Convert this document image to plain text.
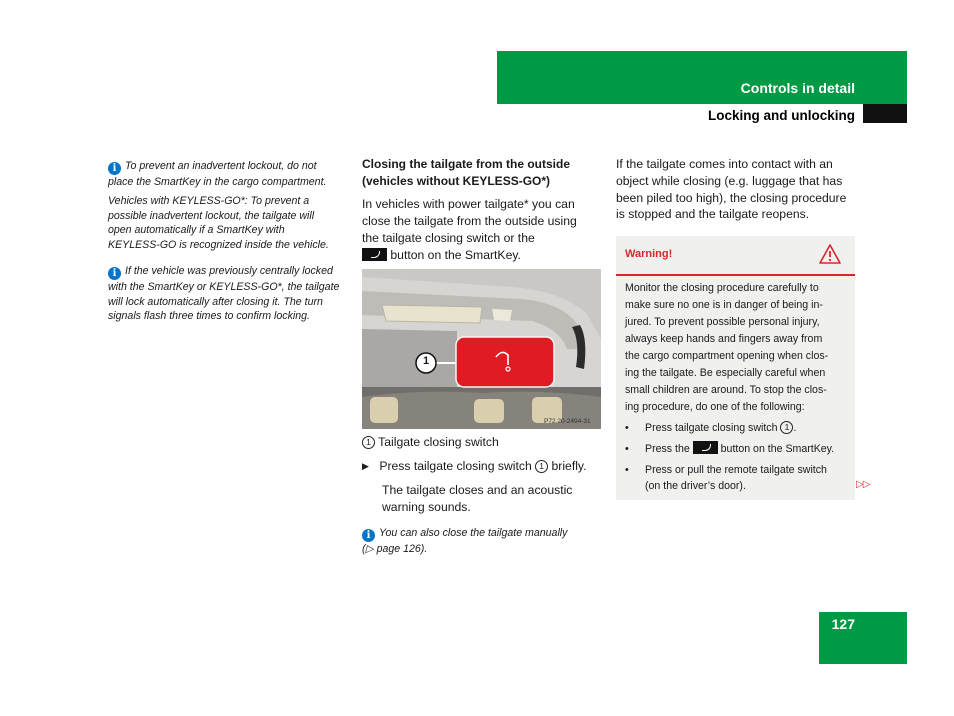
Controls in detail
Locking and unlocking
i To prevent an inadvertent lockout, do not
place the SmartKey in the cargo compartment.
Vehicles with KEYLESS-GO*: To prevent a
possible inadvertent lockout, the tailgate will
open automatically if a SmartKey with
KEYLESS-GO is recognized inside the vehicle.
i If the vehicle was previously centrally locked
with the SmartKey or KEYLESS-GO*, the tailgate
will lock automatically after closing it. The turn
signals flash three times to confirm locking.
Closing the tailgate from the outside
(vehicles without KEYLESS-GO*)
In vehicles with power tailgate* you can
close the tailgate from the outside using
the tailgate closing switch or the
button on the SmartKey.
1
P72.20-2494-31
1 Tailgate closing switch
▶ Press tailgate closing switch 1 briefly.
The tailgate closes and an acoustic
warning sounds.
i You can also close the tailgate manually
(▷ page 126).
If the tailgate comes into contact with an
object while closing (e.g. luggage that has
been piled too high), the closing procedure
is stopped and the tailgate reopens.
Warning!
Monitor the closing procedure carefully to
make sure no one is in danger of being in-
jured. To prevent possible personal injury,
always keep hands and fingers away from
the cargo compartment opening when clos-
ing the tailgate. Be especially careful when
small children are around. To stop the clos-
ing procedure, do one of the following:
• Press tailgate closing switch 1 .
• Press the	button on the SmartKey.
• Press or pull the remote tailgate switch
(on the driver’s door).	▷▷
127
